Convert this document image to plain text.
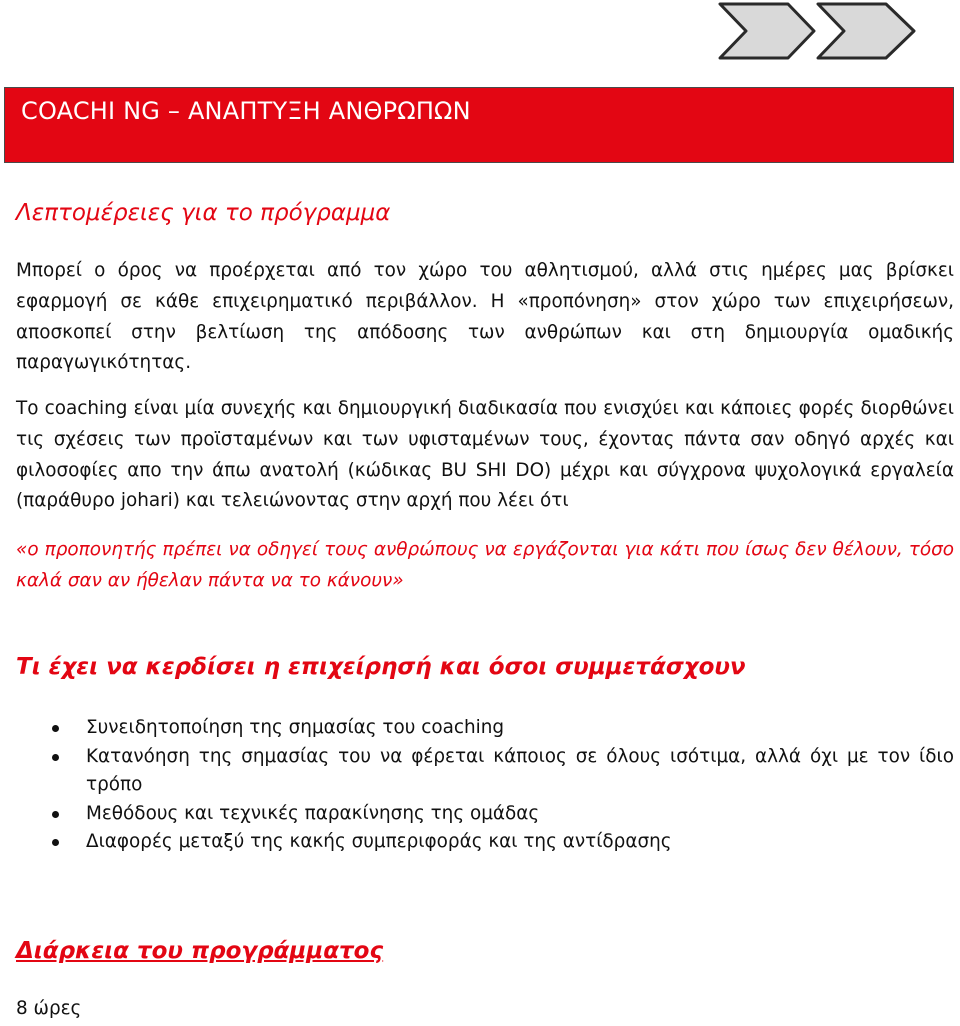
COACHI NG – ΑΝΑΠΤΥΞΗ ΑΝΘΡΩΠΩΝ
Λεπτομέρειες για το πρόγραμμα

Μπορεί ο όρος να προέρχεται από τον χώρο του αθλητισμού, αλλά στις ημέρες μας βρίσκει εφαρμογή σε κάθε επιχειρηματικό περιβάλλον. Η «προπόνηση» στον χώρο των επιχειρήσεων, αποσκοπεί στην βελτίωση της απόδοσης των ανθρώπων και στη δημιουργία ομαδικής παραγωγικότητας.

Το coaching είναι μία συνεχής και δημιουργική διαδικασία που ενισχύει και κάποιες φορές διορθώνει τις σχέσεις των προϊσταμένων και των υφισταμένων τους, έχοντας πάντα σαν οδηγό αρχές και φιλοσοφίες απο την άπω ανατολή (κώδικας BU SHI DO) μέχρι και σύγχρονα ψυχολογικά εργαλεία (παράθυρο johari) και τελειώνοντας στην αρχή που λέει ότι

«ο προπονητής πρέπει να οδηγεί τους ανθρώπους να εργάζονται για κάτι που ίσως δεν θέλουν, τόσο καλά σαν αν ήθελαν πάντα να το κάνουν»

Τι έχει να κερδίσει η επιχείρησή και όσοι συμμετάσχουν
Συνειδητοποίηση της σημασίας του coaching
Κατανόηση της σημασίας του να φέρεται κάποιος σε όλους ισότιμα, αλλά όχι με τον ίδιο τρόπο
Μεθόδους και τεχνικές παρακίνησης της ομάδας
Διαφορές μεταξύ της κακής συμπεριφοράς και της αντίδρασης
Διάρκεια του προγράμματος
8 ώρες
